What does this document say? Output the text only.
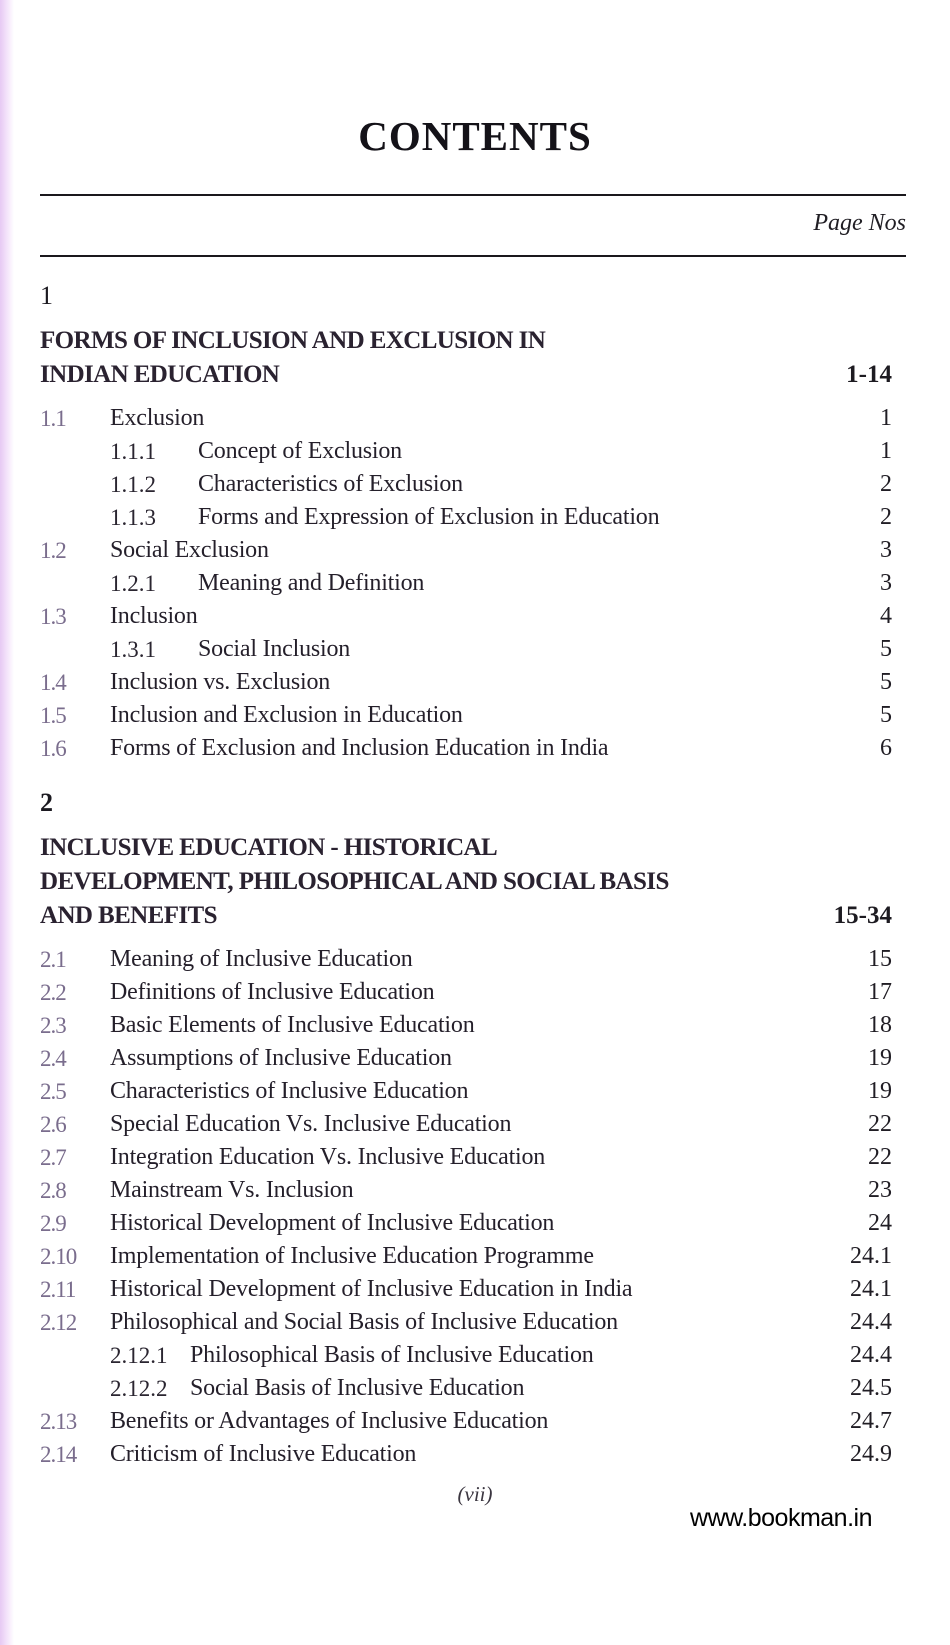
CONTENTS
Page Nos
1
FORMS OF INCLUSION AND EXCLUSION IN
INDIAN EDUCATION	1-14
1.1 Exclusion	1
1.1.1 Concept of Exclusion	1
1.1.2 Characteristics of Exclusion	2
1.1.3 Forms and Expression of Exclusion in Education	2
1.2 Social Exclusion	3
1.2.1 Meaning and Definition	3
1.3 Inclusion	4
1.3.1 Social Inclusion	5
1.4 Inclusion vs. Exclusion	5
1.5 Inclusion and Exclusion in Education	5
1.6 Forms of Exclusion and Inclusion Education in India	6
2
INCLUSIVE EDUCATION - HISTORICAL
DEVELOPMENT, PHILOSOPHICAL AND SOCIAL BASIS
AND BENEFITS	15-34
2.1 Meaning of Inclusive Education	15
2.2 Definitions of Inclusive Education	17
2.3 Basic Elements of Inclusive Education	18
2.4 Assumptions of Inclusive Education	19
2.5 Characteristics of Inclusive Education	19
2.6 Special Education Vs. Inclusive Education	22
2.7 Integration Education Vs. Inclusive Education	22
2.8 Mainstream Vs. Inclusion	23
2.9 Historical Development of Inclusive Education	24
2.10 Implementation of Inclusive Education Programme	24.1
2.11 Historical Development of Inclusive Education in India	24.1
2.12 Philosophical and Social Basis of Inclusive Education	24.4
2.12.1 Philosophical Basis of Inclusive Education	24.4
2.12.2 Social Basis of Inclusive Education	24.5
2.13 Benefits or Advantages of Inclusive Education	24.7
2.14 Criticism of Inclusive Education	24.9
(vii)
www.bookman.in
